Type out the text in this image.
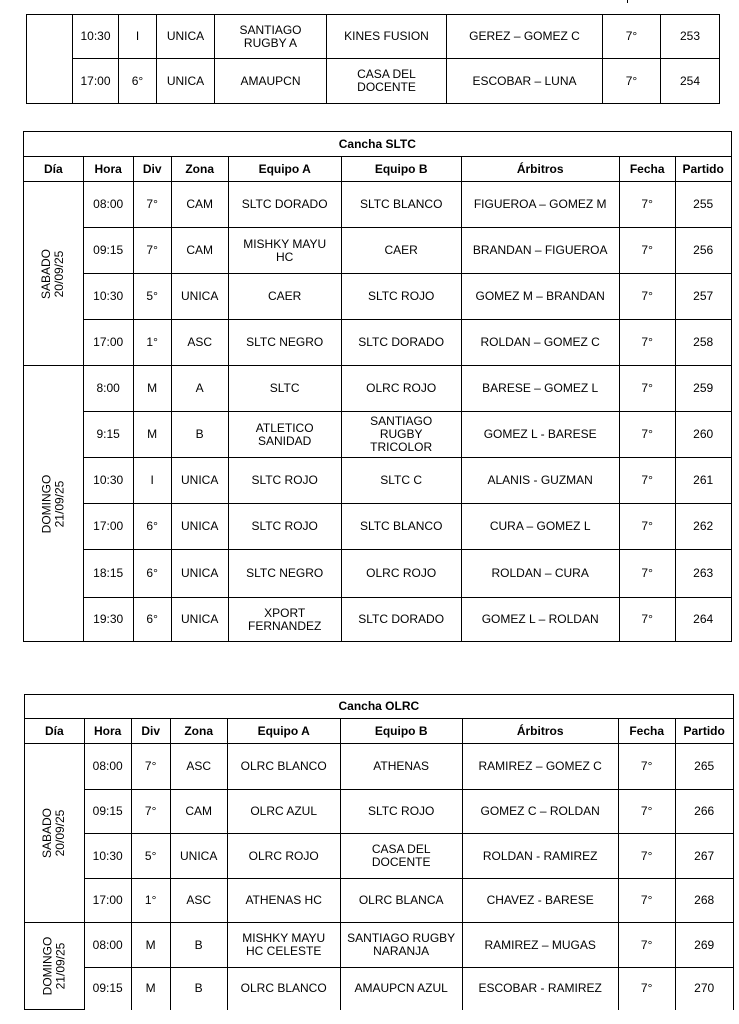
	10:30	I	UNICA	SANTIAGO
RUGBY A	KINES FUSION	GEREZ – GOMEZ C	7°	253
	17:00	6°	UNICA	AMAUPCN	CASA DEL
DOCENTE	ESCOBAR – LUNA	7°	254
Cancha SLTC								
Día	Hora	Div	Zona	Equipo A	Equipo B	Árbitros	Fecha	Partido
SABADO
20/09/25	08:00	7°	CAM	SLTC DORADO	SLTC BLANCO	FIGUEROA – GOMEZ M	7°	255
	09:15	7°	CAM	MISHKY MAYU
HC	CAER	BRANDAN – FIGUEROA	7°	256
	10:30	5°	UNICA	CAER	SLTC ROJO	GOMEZ M – BRANDAN	7°	257
	17:00	1°	ASC	SLTC NEGRO	SLTC DORADO	ROLDAN – GOMEZ C	7°	258
DOMINGO
21/09/25	8:00	M	A	SLTC	OLRC ROJO	BARESE – GOMEZ L	7°	259
	9:15	M	B	ATLETICO
SANIDAD	SANTIAGO
RUGBY
TRICOLOR	GOMEZ L - BARESE	7°	260
	10:30	I	UNICA	SLTC ROJO	SLTC C	ALANIS - GUZMAN	7°	261
	17:00	6°	UNICA	SLTC ROJO	SLTC BLANCO	CURA – GOMEZ L	7°	262
	18:15	6°	UNICA	SLTC NEGRO	OLRC ROJO	ROLDAN – CURA	7°	263
	19:30	6°	UNICA	XPORT
FERNANDEZ	SLTC DORADO	GOMEZ L – ROLDAN	7°	264
Cancha OLRC								
Día	Hora	Div	Zona	Equipo A	Equipo B	Árbitros	Fecha	Partido
SABADO
20/09/25	08:00	7°	ASC	OLRC BLANCO	ATHENAS	RAMIREZ – GOMEZ C	7°	265
	09:15	7°	CAM	OLRC AZUL	SLTC ROJO	GOMEZ C – ROLDAN	7°	266
	10:30	5°	UNICA	OLRC ROJO	CASA DEL
DOCENTE	ROLDAN - RAMIREZ	7°	267
	17:00	1°	ASC	ATHENAS HC	OLRC BLANCA	CHAVEZ - BARESE	7°	268
DOMINGO
21/09/25	08:00	M	B	MISHKY MAYU
HC CELESTE	SANTIAGO RUGBY
NARANJA	RAMIREZ – MUGAS	7°	269
	09:15	M	B	OLRC BLANCO	AMAUPCN AZUL	ESCOBAR - RAMIREZ	7°	270
